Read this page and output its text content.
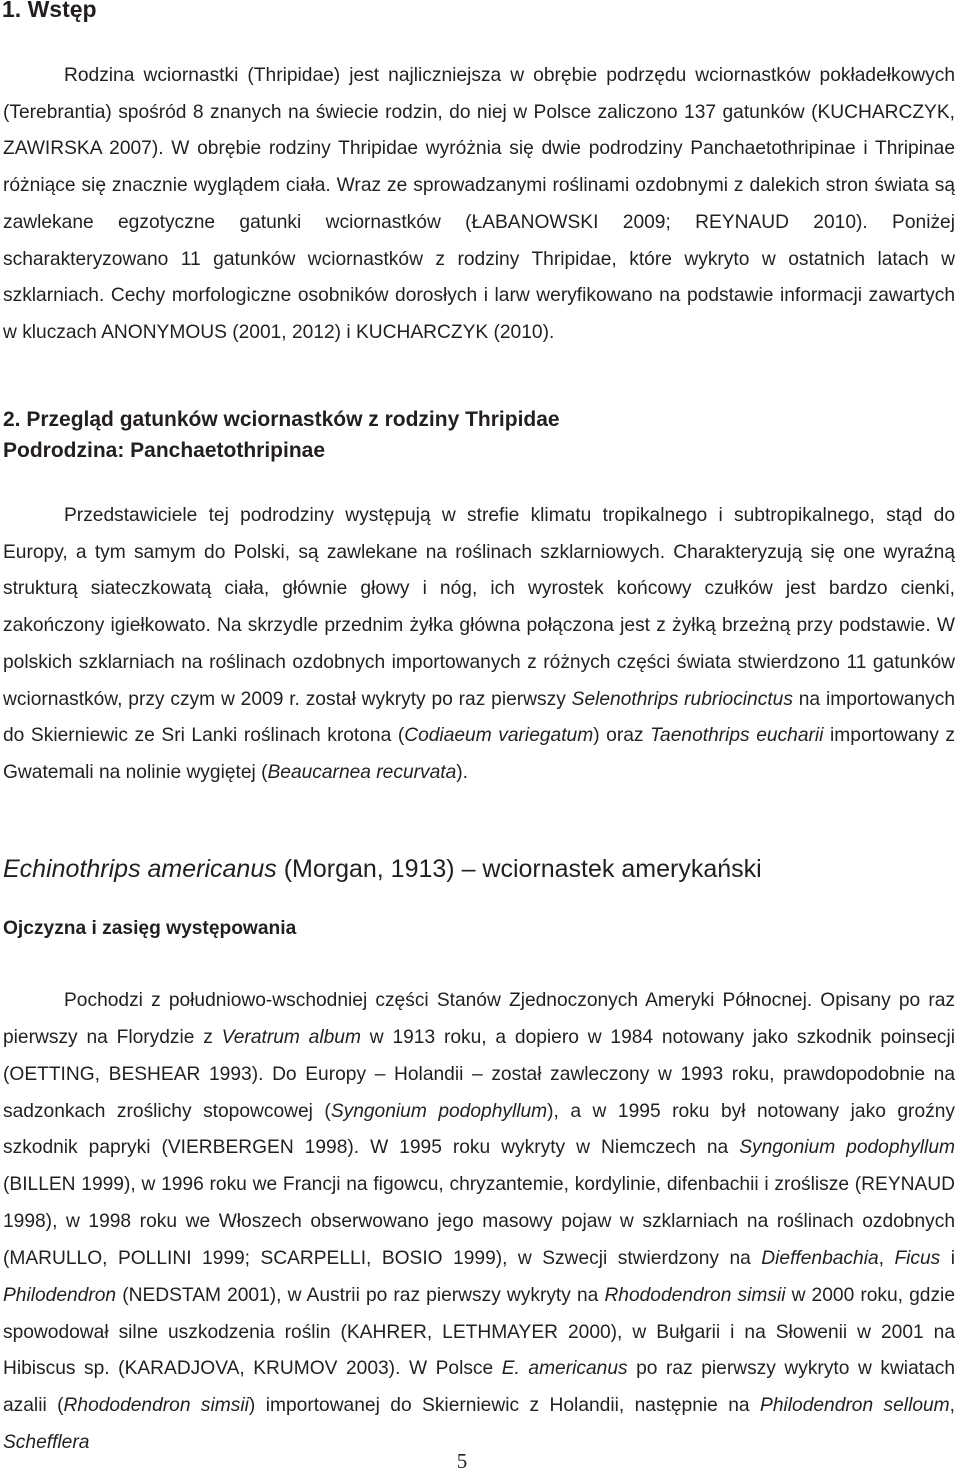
1. Wstęp

Rodzina wciornastki (Thripidae) jest najliczniejsza w obrębie podrzędu wciornastków pokładełkowych (Terebrantia) spośród 8 znanych na świecie rodzin, do niej w Polsce zaliczono 137 gatunków (KUCHARCZYK, ZAWIRSKA 2007). W obrębie rodziny Thripidae wyróżnia się dwie podrodziny Panchaetothripinae i Thripinae różniące się znacznie wyglądem ciała. Wraz ze sprowadzanymi roślinami ozdobnymi z dalekich stron świata są zawlekane egzotyczne gatunki wciornastków (ŁABANOWSKI 2009; REYNAUD 2010). Poniżej scharakteryzowano 11 gatunków wciornastków z rodziny Thripidae, które wykryto w ostatnich latach w szklarniach. Cechy morfologiczne osobników dorosłych i larw weryfikowano na podstawie informacji zawartych w kluczach ANONYMOUS (2001, 2012) i KUCHARCZYK (2010).

2. Przegląd gatunków wciornastków z rodziny Thripidae
Podrodzina: Panchaetothripinae

Przedstawiciele tej podrodziny występują w strefie klimatu tropikalnego i subtropikalnego, stąd do Europy, a tym samym do Polski, są zawlekane na roślinach szklarniowych. Charakteryzują się one wyraźną strukturą siateczkowatą ciała, głównie głowy i nóg, ich wyrostek końcowy czułków jest bardzo cienki, zakończony igiełkowato. Na skrzydle przednim żyłka główna połączona jest z żyłką brzeżną przy podstawie. W polskich szklarniach na roślinach ozdobnych importowanych z różnych części świata stwierdzono 11 gatunków wciornastków, przy czym w 2009 r. został wykryty po raz pierwszy Selenothrips rubriocinctus na importowanych do Skierniewic ze Sri Lanki roślinach krotona (Codiaeum variegatum) oraz Taenothrips eucharii importowany z Gwatemali na nolinie wygiętej (Beaucarnea recurvata).

Echinothrips americanus (Morgan, 1913) – wciornastek amerykański
Ojczyzna i zasięg występowania

Pochodzi z południowo-wschodniej części Stanów Zjednoczonych Ameryki Północnej. Opisany po raz pierwszy na Florydzie z Veratrum album w 1913 roku, a dopiero w 1984 notowany jako szkodnik poinsecji (OETTING, BESHEAR 1993). Do Europy – Holandii – został zawleczony w 1993 roku, prawdopodobnie na sadzonkach zroślichy stopowcowej (Syngonium podophyllum), a w 1995 roku był notowany jako groźny szkodnik papryki (VIERBERGEN 1998). W 1995 roku wykryty w Niemczech na Syngonium podophyllum (BILLEN 1999), w 1996 roku we Francji na figowcu, chryzantemie, kordylinie, difenbachii i zroślisze (REYNAUD 1998), w 1998 roku we Włoszech obserwowano jego masowy pojaw w szklarniach na roślinach ozdobnych (MARULLO, POLLINI 1999; SCARPELLI, BOSIO 1999), w Szwecji stwierdzony na Dieffenbachia, Ficus i Philodendron (NEDSTAM 2001), w Austrii po raz pierwszy wykryty na Rhododendron simsii w 2000 roku, gdzie spowodował silne uszkodzenia roślin (KAHRER, LETHMAYER 2000), w Bułgarii i na Słowenii w 2001 na Hibiscus sp. (KARADJOVA, KRUMOV 2003). W Polsce E. americanus po raz pierwszy wykryto w kwiatach azalii (Rhododendron simsii) importowanej do Skierniewic z Holandii, następnie na Philodendron selloum, Schefflera

5
